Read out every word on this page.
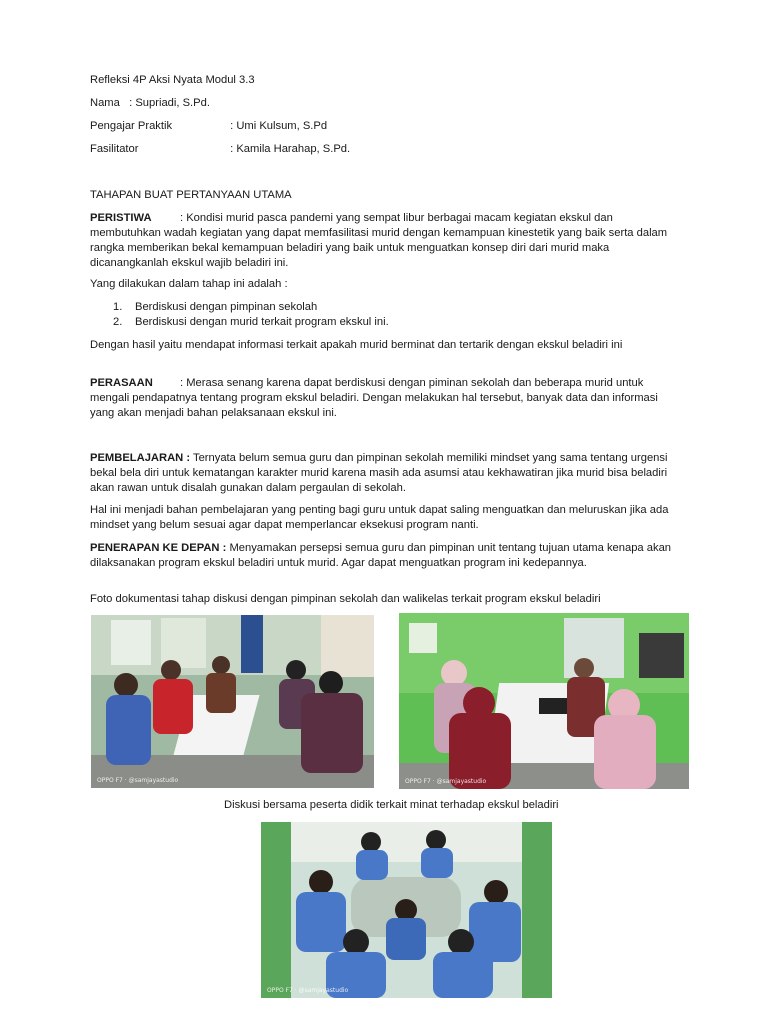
Refleksi 4P Aksi Nyata Modul 3.3
Nama : Supriadi, S.Pd.
Pengajar Praktik	: Umi Kulsum, S.Pd
Fasilitator	: Kamila Harahap, S.Pd.
TAHAPAN BUAT PERTANYAAN UTAMA
PERISTIWA	: Kondisi murid pasca pandemi yang sempat libur berbagai macam kegiatan ekskul dan membutuhkan wadah kegiatan yang dapat memfasilitasi murid dengan kemampuan kinestetik yang baik serta dalam rangka memberikan bekal kemampuan beladiri yang baik untuk menguatkan konsep diri dari murid maka dicanangkanlah ekskul wajib beladiri ini.
Yang dilakukan dalam tahap ini adalah :
1. Berdiskusi dengan pimpinan sekolah
2. Berdiskusi dengan murid terkait program ekskul ini.
Dengan hasil yaitu mendapat informasi terkait apakah murid berminat dan tertarik dengan ekskul beladiri ini
PERASAAN : Merasa senang karena dapat berdiskusi dengan piminan sekolah dan beberapa murid untuk mengali pendapatnya tentang program ekskul beladiri. Dengan melakukan hal tersebut, banyak data dan informasi yang akan menjadi bahan pelaksanaan ekskul ini.
PEMBELAJARAN : Ternyata belum semua guru dan pimpinan sekolah memiliki mindset yang sama tentang urgensi bekal bela diri untuk kematangan karakter murid karena masih ada asumsi atau kekhawatiran jika murid bisa beladiri akan rawan untuk disalah gunakan dalam pergaulan di sekolah.
Hal ini menjadi bahan pembelajaran yang penting bagi guru untuk dapat saling menguatkan dan meluruskan jika ada mindset yang belum sesuai agar dapat memperlancar eksekusi program nanti.
PENERAPAN KE DEPAN : Menyamakan persepsi semua guru dan pimpinan unit tentang tujuan utama kenapa akan dilaksanakan program ekskul beladiri untuk murid. Agar dapat menguatkan program ini kedepannya.
Foto dokumentasi tahap diskusi dengan pimpinan sekolah dan walikelas terkait program ekskul beladiri
OPPO F7 · @samjayastudio	OPPO F7 · @samjayastudio
Diskusi bersama peserta didik terkait minat terhadap ekskul beladiri
OPPO F7 · @samjayastudio
